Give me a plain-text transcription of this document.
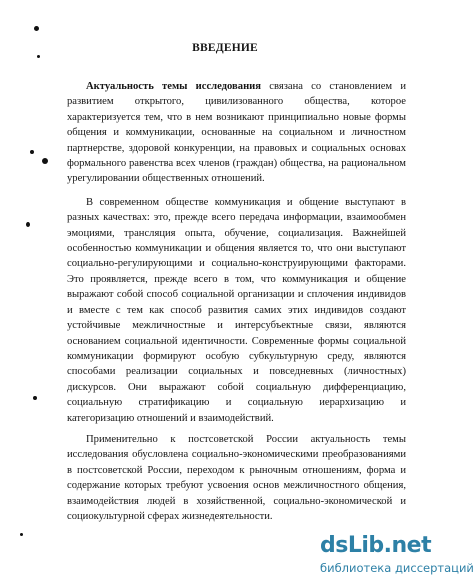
ВВЕДЕНИЕ

Актуальность темы исследования связана со становлением и развитием открытого, цивилизованного общества, которое характеризуется тем, что в нем возникают принципиально новые формы общения и коммуникации, основанные на социальном и личностном партнерстве, здоровой конкуренции, на правовых и социальных основах формального равенства всех членов (граждан) общества, на рациональном урегулировании общественных отношений.

В современном обществе коммуникация и общение выступают в разных качествах: это, прежде всего передача информации, взаимообмен эмоциями, трансляция опыта, обучение, социализация. Важнейшей особенностью коммуникации и общения является то, что они выступают социально-регулирующими и социально-конструирующими факторами. Это проявляется, прежде всего в том, что коммуникация и общение выражают собой способ социальной организации и сплочения индивидов и вместе с тем как способ развития самих этих индивидов создают устойчивые межличностные и интерсубъектные связи, являются основанием социальной идентичности. Современные формы социальной коммуникации формируют особую субкультурную среду, являются способами реализации социальных и повседневных (личностных) дискурсов. Они выражают собой социальную дифференциацию, социальную стратификацию и социальную иерархизацию и категоризацию отношений и взаимодействий.

Применительно к постсоветской России актуальность темы исследования обусловлена социально-экономическими преобразованиями в постсоветской России, переходом к рыночным отношениям, форма и содержание которых требуют усвоения основ межличностного общения, взаимодействия людей в хозяйственной, социально-экономической и социокультурной сферах жизнедеятельности.

dsLib.net
библиотека диссертаций
